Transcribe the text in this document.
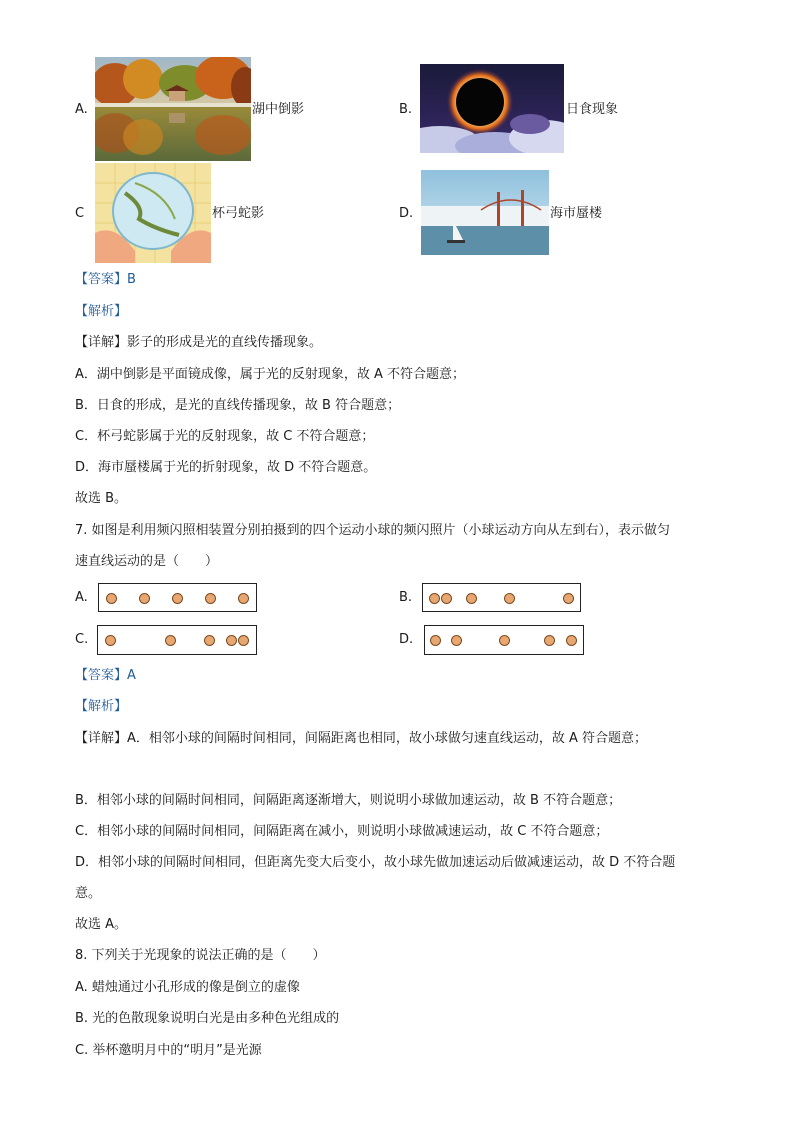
A.	湖中倒影	B.	日食现象
C	杯弓蛇影	D.	海市蜃楼
【答案】B
【解析】
【详解】影子的形成是光的直线传播现象。
A．湖中倒影是平面镜成像，属于光的反射现象，故 A 不符合题意；
B．日食的形成，是光的直线传播现象，故 B 符合题意；
C．杯弓蛇影属于光的反射现象，故 C 不符合题意；
D．海市蜃楼属于光的折射现象，故 D 不符合题意。
故选 B。
7. 如图是利用频闪照相装置分别拍摄到的四个运动小球的频闪照片（小球运动方向从左到右），表示做匀
速直线运动的是（　　）
A.	B.
C.	D.
【答案】A
【解析】
【详解】A．相邻小球的间隔时间相同，间隔距离也相同，故小球做匀速直线运动，故 A 符合题意；
B．相邻小球的间隔时间相同，间隔距离逐渐增大，则说明小球做加速运动，故 B 不符合题意；
C．相邻小球的间隔时间相同，间隔距离在减小，则说明小球做减速运动，故 C 不符合题意；
D．相邻小球的间隔时间相同，但距离先变大后变小，故小球先做加速运动后做减速运动，故 D 不符合题
意。
故选 A。
8. 下列关于光现象的说法正确的是（　　）
A. 蜡烛通过小孔形成的像是倒立的虚像
B. 光的色散现象说明白光是由多种色光组成的
C. 举杯邀明月中的“明月”是光源
